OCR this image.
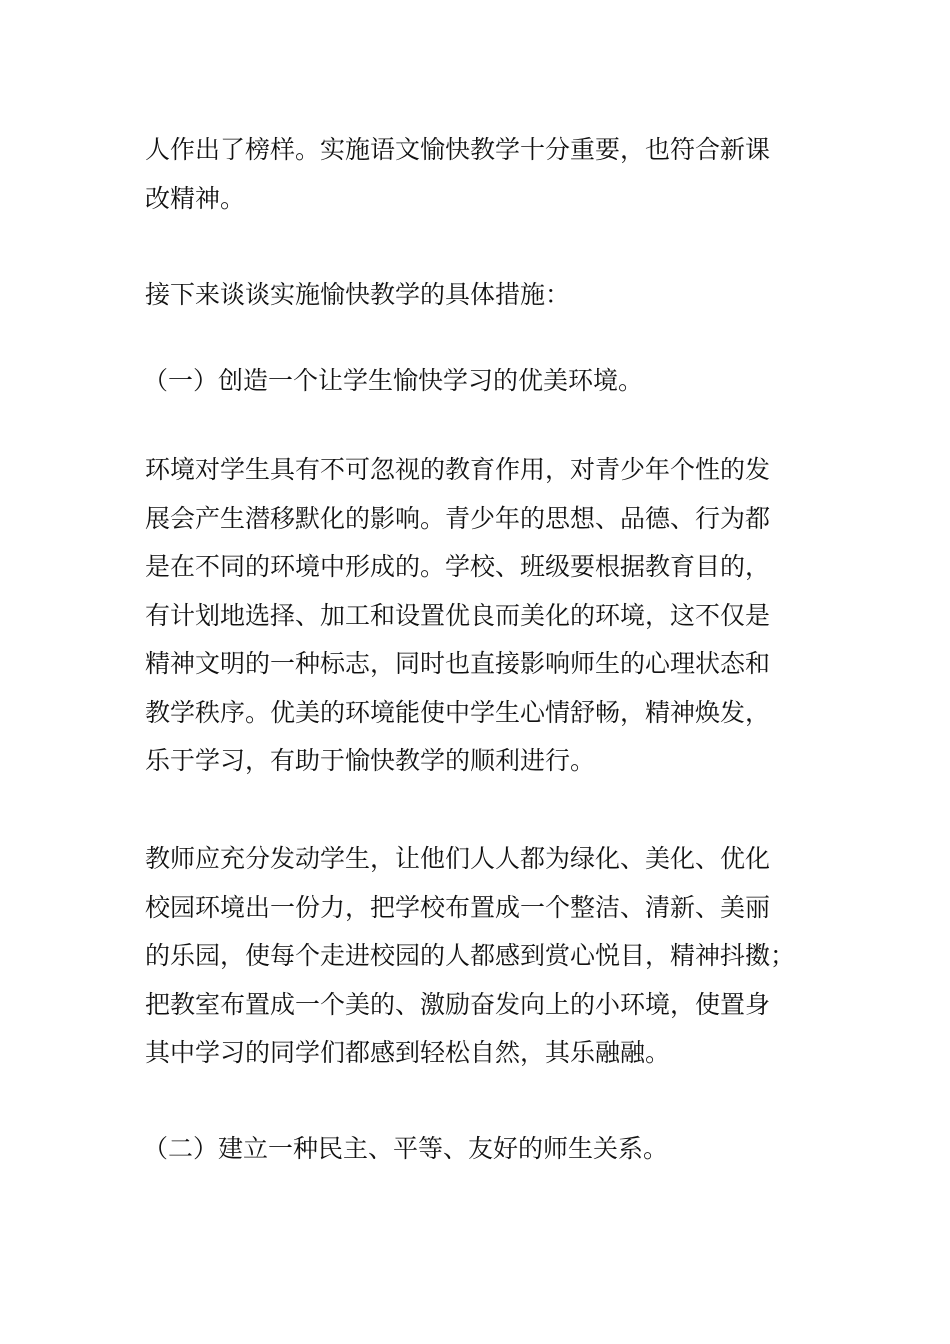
人作出了榜样。实施语文愉快教学十分重要，也符合新课
改精神。
接下来谈谈实施愉快教学的具体措施：
（一）创造一个让学生愉快学习的优美环境。
环境对学生具有不可忽视的教育作用，对青少年个性的发
展会产生潜移默化的影响。青少年的思想、品德、行为都
是在不同的环境中形成的。学校、班级要根据教育目的，
有计划地选择、加工和设置优良而美化的环境，这不仅是
精神文明的一种标志，同时也直接影响师生的心理状态和
教学秩序。优美的环境能使中学生心情舒畅，精神焕发，
乐于学习，有助于愉快教学的顺利进行。
教师应充分发动学生，让他们人人都为绿化、美化、优化
校园环境出一份力，把学校布置成一个整洁、清新、美丽
的乐园，使每个走进校园的人都感到赏心悦目，精神抖擞；
把教室布置成一个美的、激励奋发向上的小环境，使置身
其中学习的同学们都感到轻松自然，其乐融融。
（二）建立一种民主、平等、友好的师生关系。
